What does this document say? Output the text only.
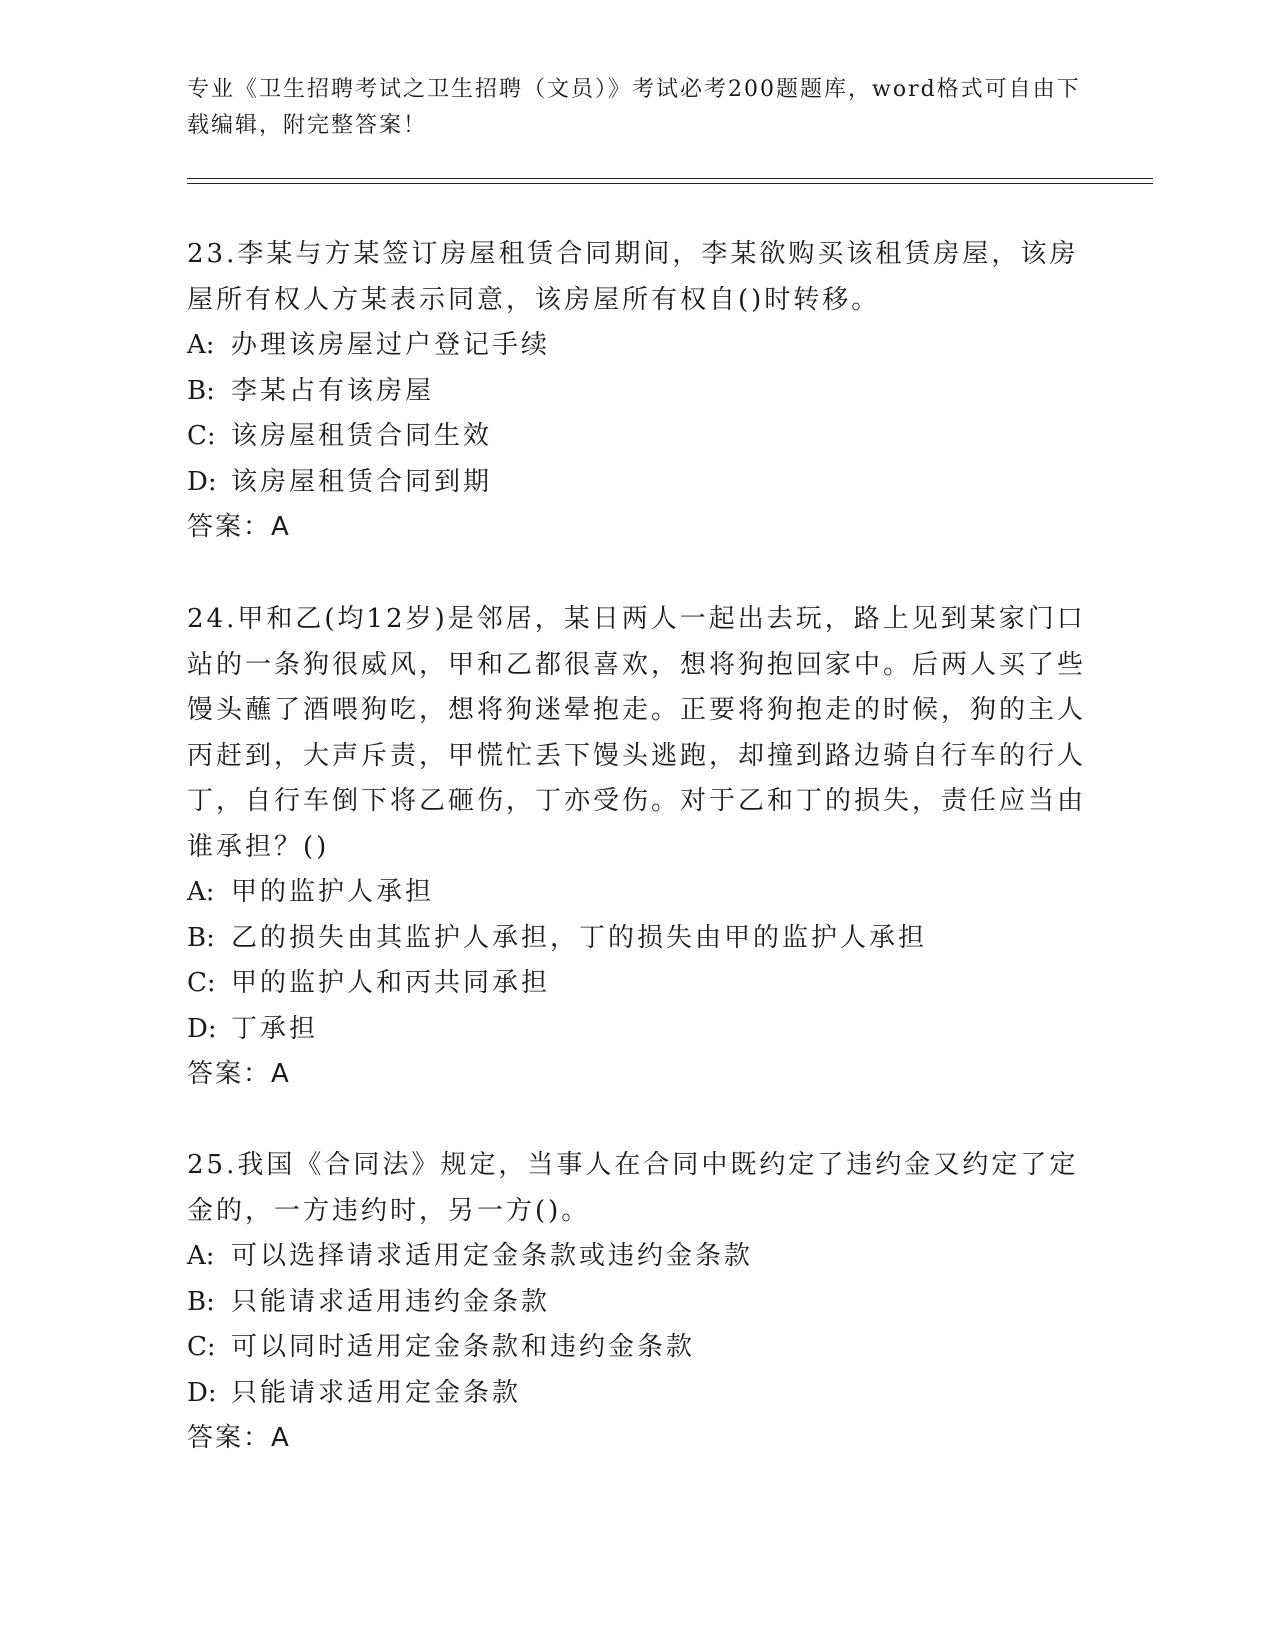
专业《卫生招聘考试之卫生招聘（文员）》考试必考200题题库，word格式可自由下载编辑，附完整答案！

23.李某与方某签订房屋租赁合同期间，李某欲购买该租赁房屋，该房屋所有权人方某表示同意，该房屋所有权自()时转移。

A: 办理该房屋过户登记手续

B: 李某占有该房屋

C: 该房屋租赁合同生效

D: 该房屋租赁合同到期

答案：A

24.甲和乙(均12岁)是邻居，某日两人一起出去玩，路上见到某家门口站的一条狗很威风，甲和乙都很喜欢，想将狗抱回家中。后两人买了些馒头蘸了酒喂狗吃，想将狗迷晕抱走。正要将狗抱走的时候，狗的主人丙赶到，大声斥责，甲慌忙丢下馒头逃跑，却撞到路边骑自行车的行人丁，自行车倒下将乙砸伤，丁亦受伤。对于乙和丁的损失，责任应当由谁承担？()

A: 甲的监护人承担

B: 乙的损失由其监护人承担，丁的损失由甲的监护人承担

C: 甲的监护人和丙共同承担

D: 丁承担

答案：A

25.我国《合同法》规定，当事人在合同中既约定了违约金又约定了定金的，一方违约时，另一方()。

A: 可以选择请求适用定金条款或违约金条款

B: 只能请求适用违约金条款

C: 可以同时适用定金条款和违约金条款

D: 只能请求适用定金条款

答案：A
